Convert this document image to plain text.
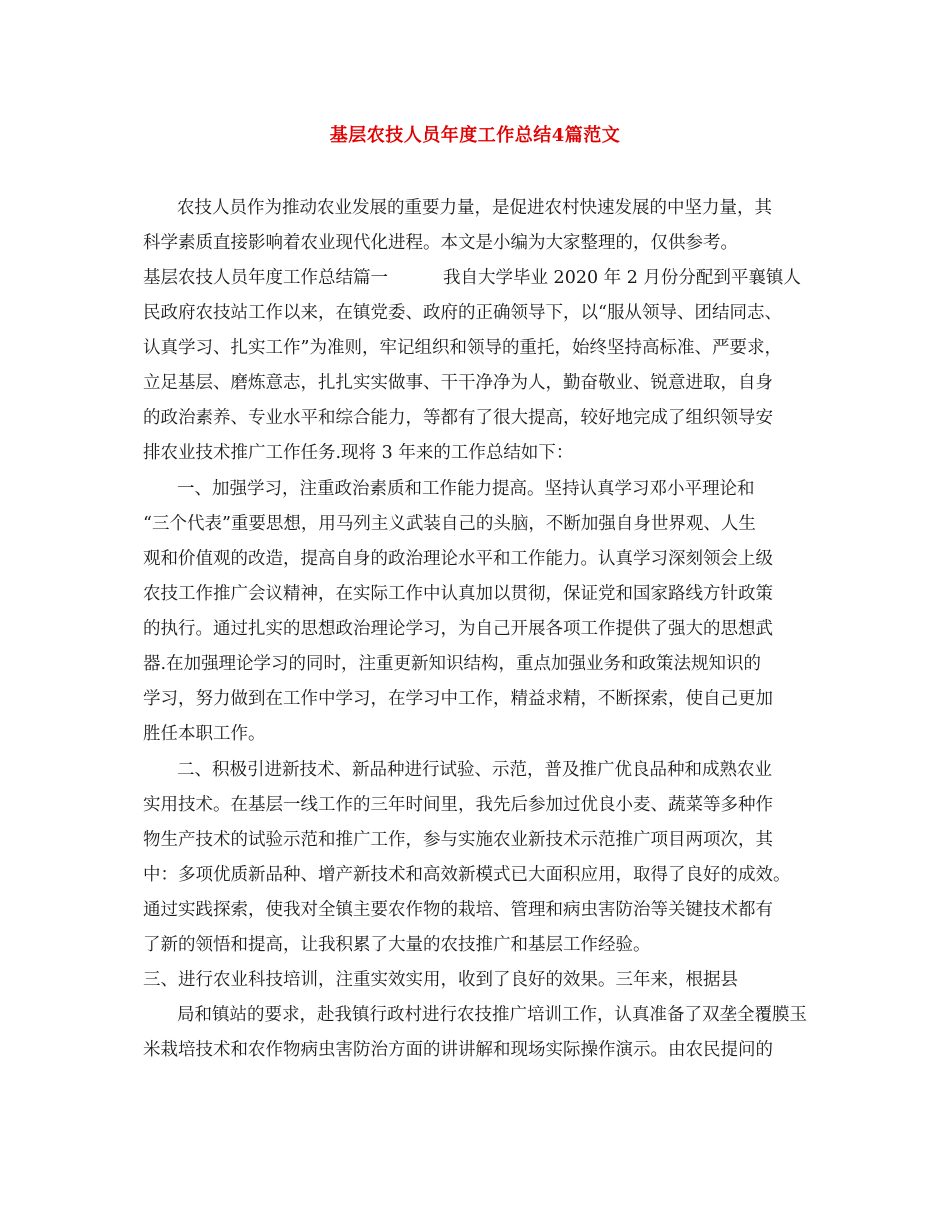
基层农技人员年度工作总结4篇范文
农技人员作为推动农业发展的重要力量，是促进农村快速发展的中坚力量，其
科学素质直接影响着农业现代化进程。本文是小编为大家整理的，仅供参考。
基层农技人员年度工作总结篇一	我自大学毕业 2020 年 2 月份分配到平襄镇人
民政府农技站工作以来，在镇党委、政府的正确领导下，以“服从领导、团结同志、
认真学习、扎实工作”为准则，牢记组织和领导的重托，始终坚持高标准、严要求，
立足基层、磨炼意志，扎扎实实做事、干干净净为人，勤奋敬业、锐意进取，自身
的政治素养、专业水平和综合能力，等都有了很大提高，较好地完成了组织领导安
排农业技术推广工作任务.现将 3 年来的工作总结如下：
一、加强学习，注重政治素质和工作能力提高。坚持认真学习邓小平理论和
“三个代表”重要思想，用马列主义武装自己的头脑，不断加强自身世界观、人生
观和价值观的改造，提高自身的政治理论水平和工作能力。认真学习深刻领会上级
农技工作推广会议精神，在实际工作中认真加以贯彻，保证党和国家路线方针政策
的执行。通过扎实的思想政治理论学习，为自己开展各项工作提供了强大的思想武
器.在加强理论学习的同时，注重更新知识结构，重点加强业务和政策法规知识的
学习，努力做到在工作中学习，在学习中工作，精益求精，不断探索，使自己更加
胜任本职工作。
二、积极引进新技术、新品种进行试验、示范，普及推广优良品种和成熟农业
实用技术。在基层一线工作的三年时间里，我先后参加过优良小麦、蔬菜等多种作
物生产技术的试验示范和推广工作，参与实施农业新技术示范推广项目两项次，其
中：多项优质新品种、增产新技术和高效新模式已大面积应用，取得了良好的成效。
通过实践探索，使我对全镇主要农作物的栽培、管理和病虫害防治等关键技术都有
了新的领悟和提高，让我积累了大量的农技推广和基层工作经验。
三、进行农业科技培训，注重实效实用，收到了良好的效果。三年来，根据县
局和镇站的要求，赴我镇行政村进行农技推广培训工作，认真准备了双垄全覆膜玉
米栽培技术和农作物病虫害防治方面的讲讲解和现场实际操作演示。由农民提问的
